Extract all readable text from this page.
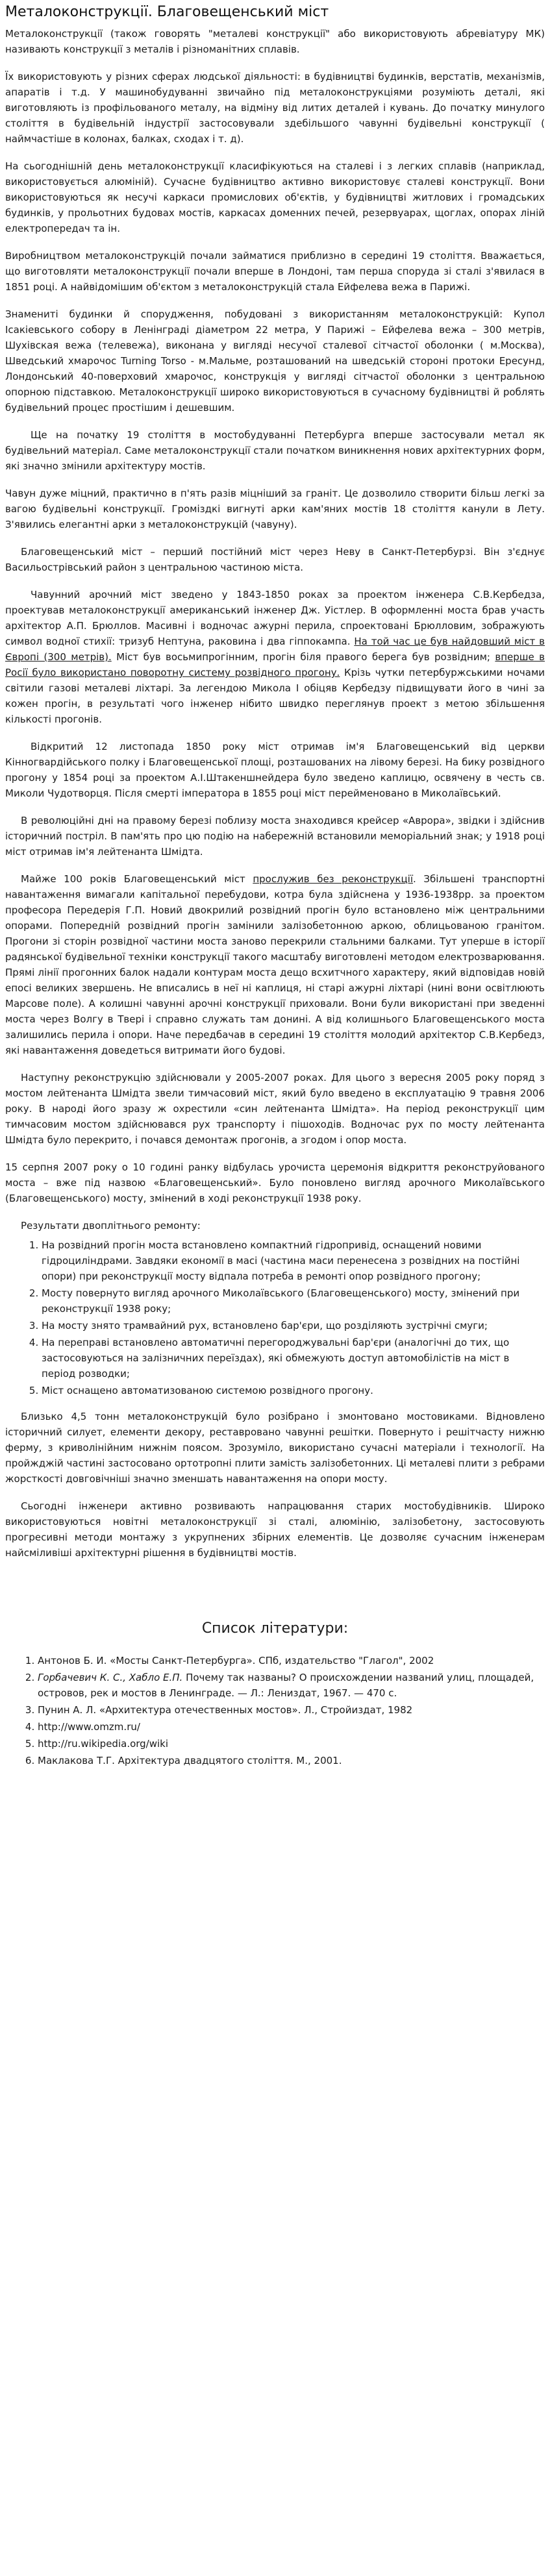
Металоконструкції. Благовещенський міст

Металоконструкції (також говорять "металеві конструкції" або використовують абревіатуру МК) називають конструкції з металів і різноманітних сплавів.

Їх використовують у різних сферах людської діяльності: в будівництві будинків, верстатів, механізмів, апаратів і т.д. У машинобудуванні звичайно під металоконструкціями розуміють деталі, які виготовляють із профільованого металу, на відміну від литих деталей і кувань. До початку минулого століття в будівельній індустрії застосовували здебільшого чавунні будівельні конструкції ( наймчастіше в колонах, балках, сходах і т. д).

На сьогоднішній день металоконструкції класифікуються на сталеві і з легких сплавів (наприклад, використовується алюміній). Сучасне будівництво активно використовує сталеві конструкції. Вони використовуються як несучі каркаси промислових об'єктів, у будівництві житлових і громадських будинків, у прольотних будовах мостів, каркасах доменних печей, резервуарах, щоглах, опорах ліній електропередач та ін.

Виробництвом металоконструкцій почали займатися приблизно в середині 19 століття. Вважається, що виготовляти металоконструкції почали вперше в Лондоні, там перша споруда зі сталі з'явилася в 1851 році. А найвідомішим об'єктом з металоконструкцій стала Ейфелева вежа в Парижі.

Знаменитi будинки й спорудження, побудовані з використанням металоконструкцій: Купол Ісакіевського собору в Ленінграді діаметром 22 метра, У Парижі – Ейфелева вежа – 300 метрів, Шухівская вежа (телевежа), виконана у вигляді несучої сталевої сітчастої оболонки ( м.Москва), Шведський хмарочос Turning Torso - м.Мальме, розташований на шведській стороні протоки Ересунд, Лондонський 40-поверховий хмарочос, конструкція у вигляді сітчастої оболонки з центральною опорною підставкою. Металоконструкції широко використовуються в сучасному будівництві й роблять будівельний процес простішим і дешевшим.

Ще на початку 19 століття в мостобудуванні Петербурга вперше застосували метал як будівельний матеріал. Саме металоконструкції стали початком виникнення нових архітектурних форм, які значно змінили архітектуру мостів.

Чавун дуже міцний, практично в п'ять разів міцніший за граніт. Це дозволило створити більш легкі за вагою будівельні конструкції. Громіздкі вигнуті арки кам'яних мостів 18 століття канули в Лету. З'явились елегантні арки з металоконструкцій (чавуну).

Благовещенський міст – перший постійний міст через Неву в Санкт-Петербурзі. Він з'єднує Васильострівський район з центральною частиною міста.

Чавунний арочний міст зведено у 1843-1850 роках за проектом інженера С.В.Кербедза, проектував металоконструкції американський інженер Дж. Уістлер. В оформленні моста брав участь архітектор А.П. Брюллов. Масивні і водночас ажурні перила, спроектовані Брюлловим, зображують символ водної стихії: тризуб Нептуна, раковина і два гіппокампа. На той час це був найдовший міст в Європі (300 метрів). Міст був восьмипрогінним, прогін біля правого берега був розвідним; вперше в Росії було використано поворотну систему розвідного прогону. Крізь чутки петербуржськими ночами світили газові металеві ліхтарі. За легендою Микола І обіцяв Кербедзу підвищувати його в чині за кожен прогін, в результаті чого інженер нібито швидко переглянув проект з метою збільшення кількості прогонів.

Відкритий 12 листопада 1850 року міст отримав ім'я Благовещенський від церкви Кінногвардійського полку і Благовещенської площі, розташованих на лівому березі. На бику розвідного прогону у 1854 році за проектом А.І.Штакеншнейдера було зведено каплицю, освячену в честь св. Миколи Чудотворця. Після смерті імператора в 1855 році міст перейменовано в Миколаївський.

В революційні дні на правому березі поблизу моста знаходився крейсер «Аврора», звідки і здійснив історичний постріл. В пам'ять про цю подію на набережній встановили меморіальний знак; у 1918 році міст отримав ім'я лейтенанта Шмідта.

Майже 100 років Благовещенський міст прослужив без реконструкції. Збільшені транспортні навантаження вимагали капітальної перебудови, котра була здійснена у 1936-1938рр. за проектом професора Передерія Г.П. Новий двокрилий розвідний прогін було встановлено між центральними опорами. Попередній розвідний прогін замінили залізобетонною аркою, облицьованою гранітом. Прогони зі сторін розвідної частини моста заново перекрили стальними балками. Тут уперше в історії радянської будівельної техніки конструкції такого масштабу виготовлені методом електрозварювання. Прямі лінії прогонних балок надали контурам моста дещо всхитчного характеру, який відповідав новій епосі великих звершень. Не вписались в неї ні каплиця, ні старі ажурні ліхтарі (нині вони освітлюють Марсове поле). А колишні чавунні арочні конструкції приховали. Вони були використані при зведенні моста через Волгу в Твері і справно служать там донині. А від колишнього Благовещенського моста залишились перила і опори. Наче передбачав в середині 19 століття молодий архітектор С.В.Кербедз, які навантаження доведеться витримати його будові.

Наступну реконструкцію здійснювали у 2005-2007 роках. Для цього з вересня 2005 року поряд з мостом лейтенанта Шмідта звели тимчасовий міст, який було введено в експлуатацію 9 травня 2006 року. В народі його зразу ж охрестили «син лейтенанта Шмідта». На період реконструкції цим тимчасовим мостом здійснювався рух транспорту і пішоходів. Водночас рух по мосту лейтенанта Шмідта було перекрито, і почався демонтаж прогонів, а згодом і опор моста.

15 серпня 2007 року о 10 годині ранку відбулась урочиста церемонія відкриття реконструйованого моста – вже під назвою «Благовещенський». Було поновлено вигляд арочного Миколаївського (Благовещенського) мосту, змінений в ході реконструкції 1938 року.

Результати двоплітнього ремонту:

1. На розвідний прогін моста встановлено компактний гідропривід, оснащений новими гідроциліндрами. Завдяки економії в масі (частина маси перенесена з розвідних на постійні опори) при реконструкції мосту відпала потреба в ремонті опор розвідного прогону;
2. Мосту повернуто вигляд арочного Миколаївського (Благовещенського) мосту, змінений при реконструкції 1938 року;
3. На мосту знято трамвайний рух, встановлено бар'єри, що розділяють зустрічні смуги;
4. На переправі встановлено автоматичні перегороджувальні бар'єри (аналогічні до тих, що застосовуються на залізничних переїздах), які обмежують доступ автомобілістів на міст в період розводки;
5. Міст оснащено автоматизованою системою розвідного прогону.

Близько 4,5 тонн металоконструкцій було розібрано і змонтовано мостовиками. Відновлено історичний силует, елементи декору, реставровано чавунні решітки. Повернуто і решітчасту нижню ферму, з криволінійним нижнім поясом. Зрозуміло, використано сучасні матеріали і технології. На пройжджій частині застосовано ортотропні плити замість залізобетонних. Ці металеві плити з ребрами жорсткості довговічніші значно зменшать навантаження на опори мосту.

Сьогодні інженери активно розвивають напрацювання старих мостобудівників. Широко використовуються новітні металоконструкції зі сталі, алюмінію, залізобетону, застосовують прогресивні методи монтажу з укрупнених збірних елементів. Це дозволяє сучасним інженерам найсміливіші архітектурні рішення в будівництві мостів.

Список літератури:
1. Антонов Б. И. «Мосты Санкт-Петербурга». СПб, издательство "Глагол", 2002
2. Горбачевич К. С., Хабло Е.П. Почему так названы? О происхождении названий улиц, площадей, островов, рек и мостов в Ленинграде. — Л.: Лениздат, 1967. — 470 с.
3. Пунин А. Л. «Архитектура отечественных мостов». Л., Стройиздат, 1982
4. http://www.omzm.ru/
5. http://ru.wikipedia.org/wiki
6. Маклакова Т.Г. Архітектура двадцятого століття. М., 2001.
